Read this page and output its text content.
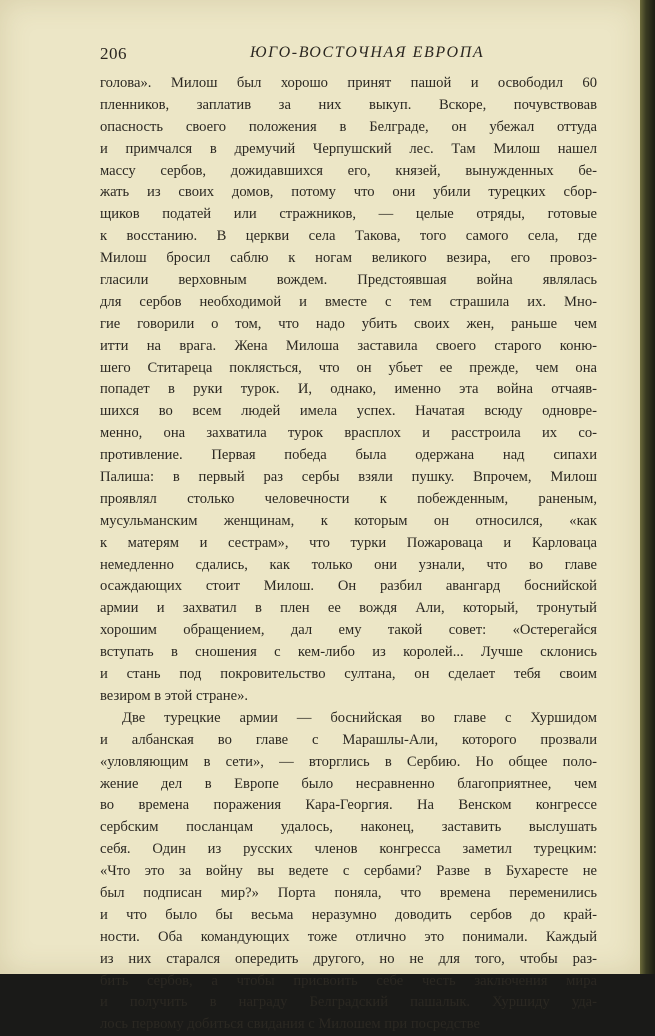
206	ЮГО-ВОСТОЧНАЯ ЕВРОПА
голова». Милош был хорошо принят пашой и освободил 60
пленников, заплатив за них выкуп. Вскоре, почувствовав
опасность своего положения в Белграде, он убежал оттуда
и примчался в дремучий Черпушский лес. Там Милош нашел
массу сербов, дожидавшихся его, князей, вынужденных бе-
жать из своих домов, потому что они убили турецких сбор-
щиков податей или стражников, — целые отряды, готовые
к восстанию. В церкви села Такова, того самого села, где
Милош бросил саблю к ногам великого везира, его провоз-
гласили верховным вождем. Предстоявшая война являлась
для сербов необходимой и вместе с тем страшила их. Мно-
гие говорили о том, что надо убить своих жен, раньше чем
итти на врага. Жена Милоша заставила своего старого коню-
шего Ститареца поклясться, что он убьет ее прежде, чем она
попадет в руки турок. И, однако, именно эта война отчаяв-
шихся во всем людей имела успех. Начатая всюду одновре-
менно, она захватила турок врасплох и расстроила их со-
противление. Первая победа была одержана над сипахи
Палиша: в первый раз сербы взяли пушку. Впрочем, Милош
проявлял столько человечности к побежденным, раненым,
мусульманским женщинам, к которым он относился, «как
к матерям и сестрам», что турки Пожароваца и Карловаца
немедленно сдались, как только они узнали, что во главе
осаждающих стоит Милош. Он разбил авангард боснийской
армии и захватил в плен ее вождя Али, который, тронутый
хорошим обращением, дал ему такой совет: «Остерегайся
вступать в сношения с кем-либо из королей... Лучше склонись
и стань под покровительство султана, он сделает тебя своим
везиром в этой стране».
Две турецкие армии — боснийская во главе с Хуршидом
и албанская во главе с Марашлы-Али, которого прозвали
«уловляющим в сети», — вторглись в Сербию. Но общее поло-
жение дел в Европе было несравненно благоприятнее, чем
во времена поражения Кара-Георгия. На Венском конгрессе
сербским посланцам удалось, наконец, заставить выслушать
себя. Один из русских членов конгресса заметил турецким:
«Что это за войну вы ведете с сербами? Разве в Бухаресте не
был подписан мир?» Порта поняла, что времена переменились
и что было бы весьма неразумно доводить сербов до край-
ности. Оба командующих тоже отлично это понимали. Каждый
из них старался опередить другого, но не для того, чтобы раз-
бить сербов, а чтобы присвоить себе честь заключения мира
и получить в награду Белградский пашалык. Хуршиду уда-
лось первому добиться свидания с Милошем при посредстве
